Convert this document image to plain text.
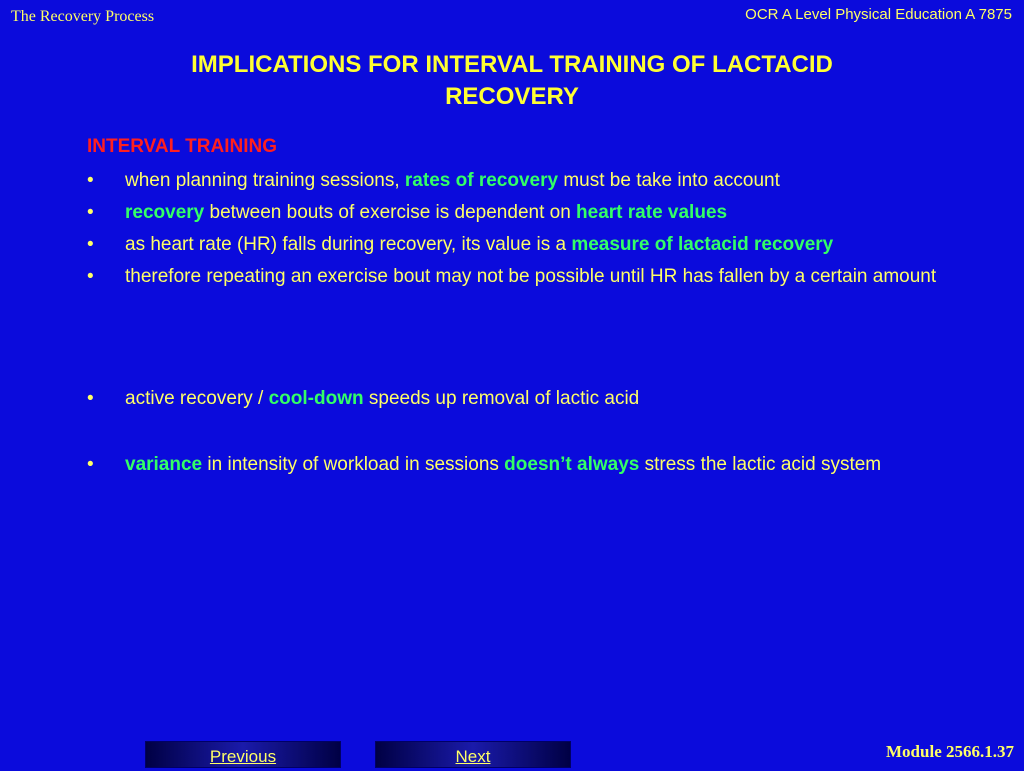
The Recovery Process	OCR A Level Physical Education A 7875
IMPLICATIONS FOR INTERVAL TRAINING OF LACTACID
RECOVERY
INTERVAL TRAINING
•	when planning training sessions, rates of recovery must be take into account
•	recovery between bouts of exercise is dependent on heart rate values
•	as heart rate (HR) falls during recovery, its value is a measure of lactacid recovery
•	therefore repeating an exercise bout may not be possible until HR has fallen by a certain amount
•	active recovery / cool-down speeds up removal of lactic acid
•	variance in intensity of workload in sessions doesn’t always stress the lactic acid system
Previous	Next	Module 2566.1.37
